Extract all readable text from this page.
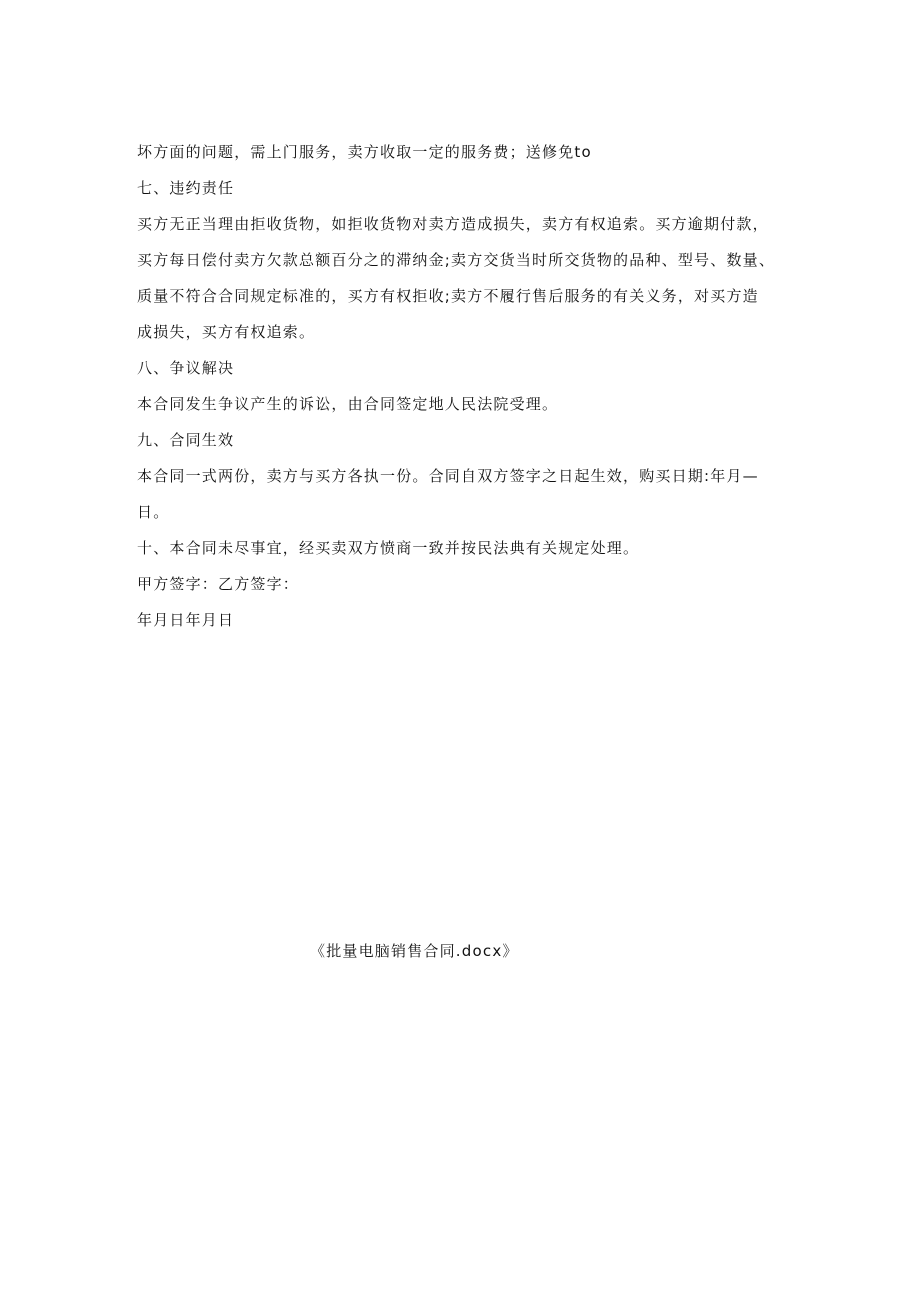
坏方面的问题，需上门服务，卖方收取一定的服务费；送修免to
七、违约责任
买方无正当理由拒收货物，如拒收货物对卖方造成损失，卖方有权追索。买方逾期付款，
买方每日偿付卖方欠款总额百分之的滞纳金;卖方交货当时所交货物的品种、型号、数量、
质量不符合合同规定标准的，买方有权拒收;卖方不履行售后服务的有关义务，对买方造
成损失，买方有权追索。
八、争议解决
本合同发生争议产生的诉讼，由合同签定地人民法院受理。
九、合同生效
本合同一式两份，卖方与买方各执一份。合同自双方签字之日起生效，购买日期:年月—
日。
十、本合同未尽事宜，经买卖双方愤商一致并按民法典有关规定处理。
甲方签字：乙方签字：
年月日年月日
《批量电脑销售合同.docx》
